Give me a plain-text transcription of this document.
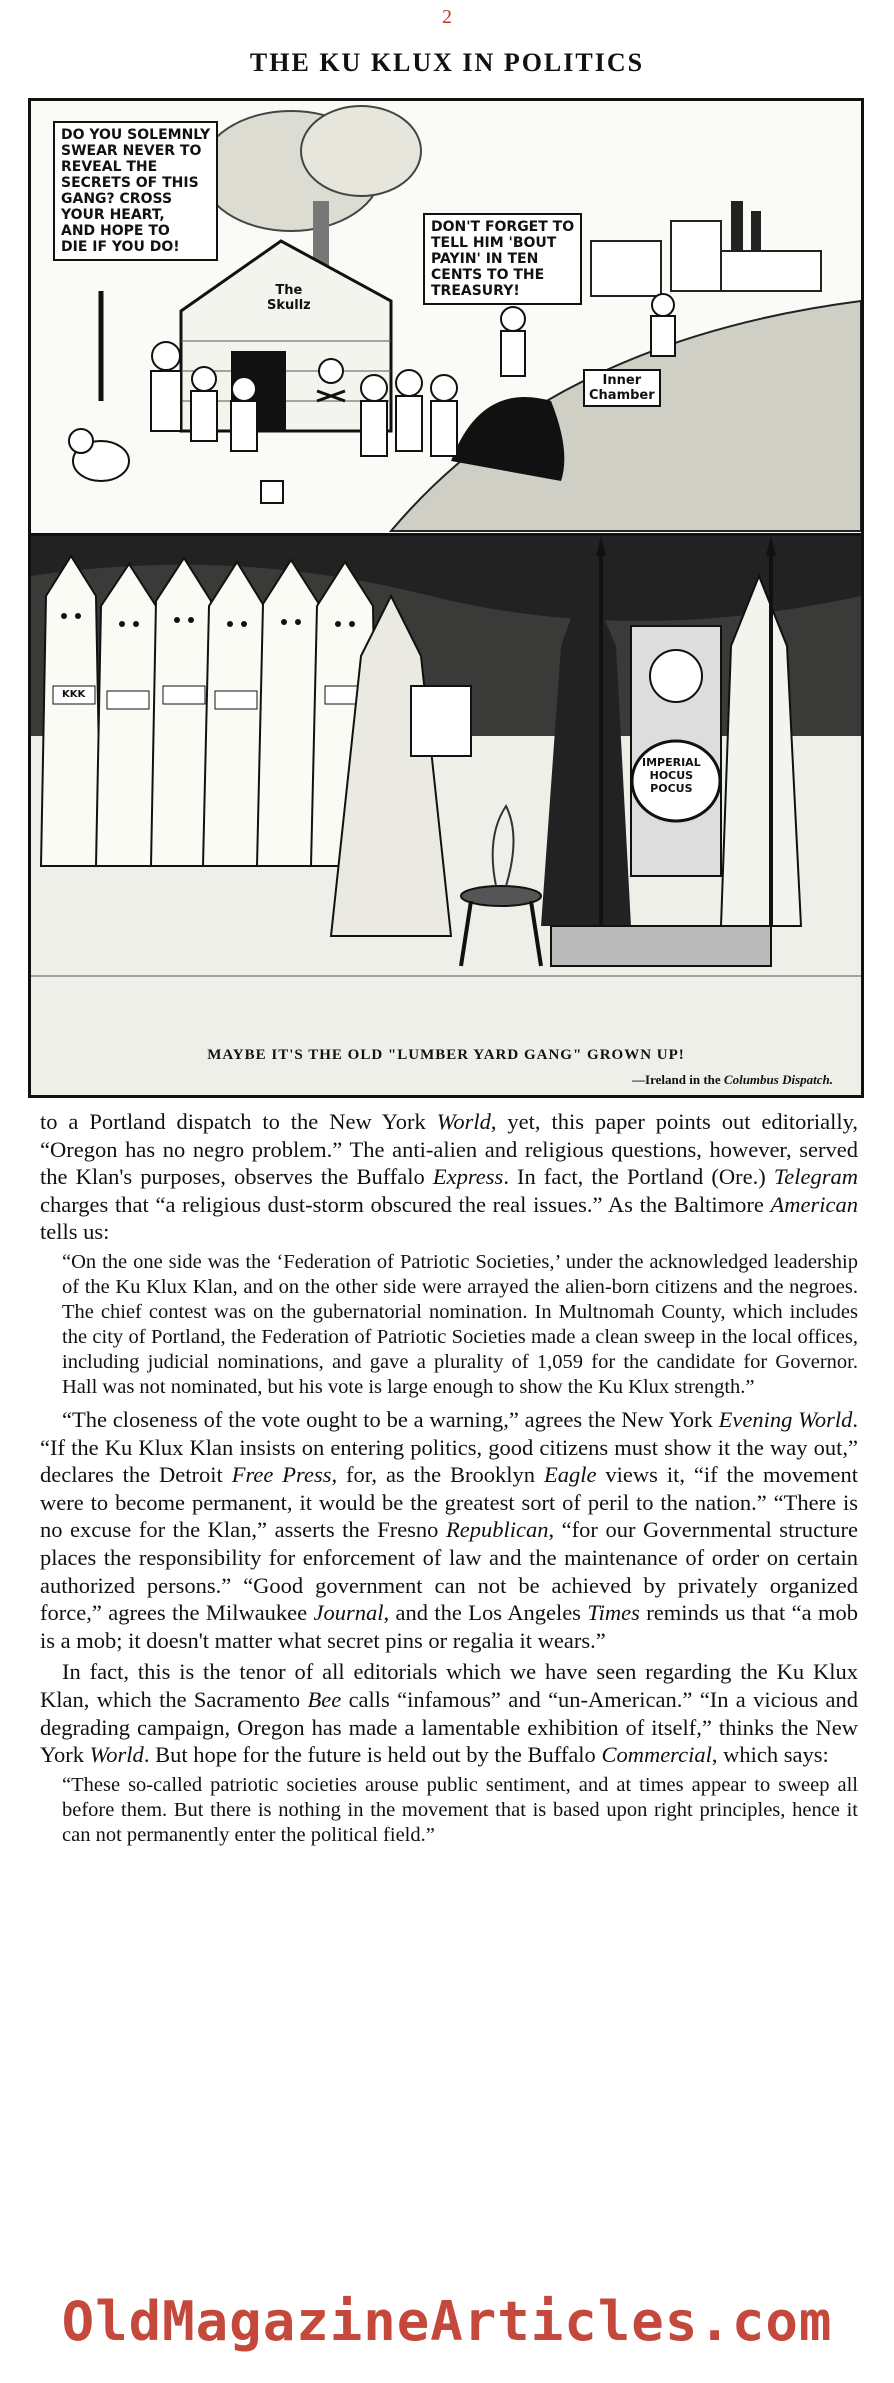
2
THE KU KLUX IN POLITICS
DO YOU SOLEMNLY
SWEAR NEVER TO
REVEAL THE
SECRETS OF THIS
GANG? CROSS
YOUR HEART,
AND HOPE TO
DIE IF YOU DO!
DON'T FORGET TO
TELL HIM 'BOUT
PAYIN' IN TEN
CENTS TO THE
TREASURY!
The
Skullz
Inner
Chamber
KKK
IMPERIAL
HOCUS
POCUS
MAYBE IT'S THE OLD "LUMBER YARD GANG" GROWN UP!
—Ireland in the Columbus Dispatch.

to a Portland dispatch to the New York World, yet, this paper points out editorially, “Oregon has no negro problem.” The anti-alien and religious questions, however, served the Klan's purposes, observes the Buffalo Express. In fact, the Portland (Ore.) Telegram charges that “a religious dust-storm obscured the real issues.” As the Baltimore American tells us:

“On the one side was the ‘Federation of Patriotic Societies,’ under the acknowledged leadership of the Ku Klux Klan, and on the other side were arrayed the alien-born citizens and the negroes. The chief contest was on the gubernatorial nomination. In Multnomah County, which includes the city of Portland, the Federation of Patriotic Societies made a clean sweep in the local offices, including judicial nominations, and gave a plurality of 1,059 for the candidate for Governor. Hall was not nominated, but his vote is large enough to show the Ku Klux strength.”

“The closeness of the vote ought to be a warning,” agrees the New York Evening World. “If the Ku Klux Klan insists on entering politics, good citizens must show it the way out,” declares the Detroit Free Press, for, as the Brooklyn Eagle views it, “if the movement were to become permanent, it would be the greatest sort of peril to the nation.” “There is no excuse for the Klan,” asserts the Fresno Republican, “for our Governmental structure places the responsibility for enforcement of law and the maintenance of order on certain authorized persons.” “Good government can not be achieved by privately organized force,” agrees the Milwaukee Journal, and the Los Angeles Times reminds us that “a mob is a mob; it doesn't matter what secret pins or regalia it wears.”

In fact, this is the tenor of all editorials which we have seen regarding the Ku Klux Klan, which the Sacramento Bee calls “infamous” and “un-American.” “In a vicious and degrading campaign, Oregon has made a lamentable exhibition of itself,” thinks the New York World. But hope for the future is held out by the Buffalo Commercial, which says:

“These so-called patriotic societies arouse public sentiment, and at times appear to sweep all before them. But there is nothing in the movement that is based upon right principles, hence it can not permanently enter the political field.”

OldMagazineArticles.com
